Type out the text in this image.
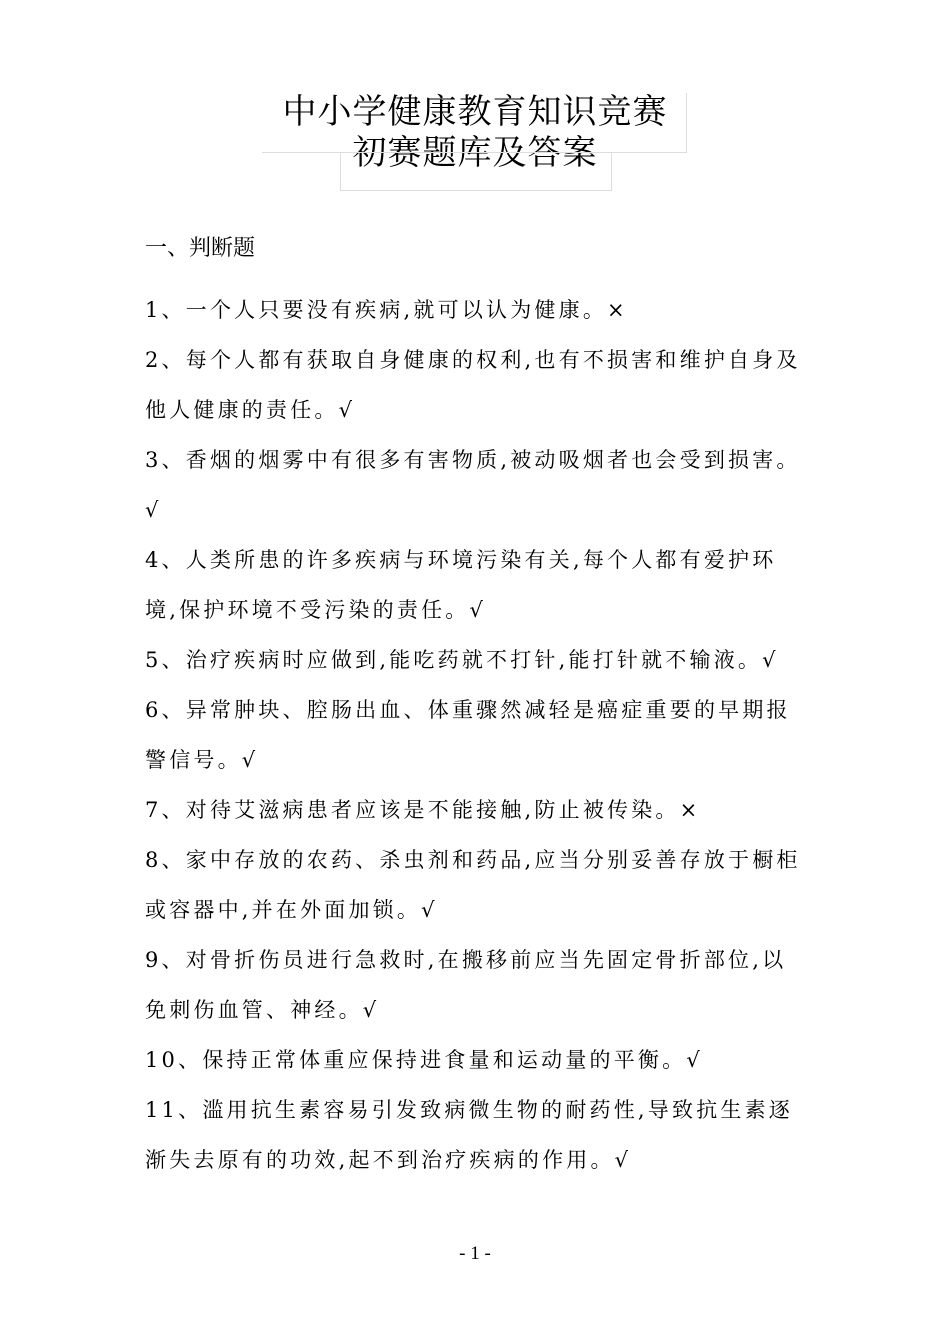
中小学健康教育知识竞赛
初赛题库及答案
一、判断题
1、一个人只要没有疾病,就可以认为健康。×
2、每个人都有获取自身健康的权利,也有不损害和维护自身及他人健康的责任。√
3、香烟的烟雾中有很多有害物质,被动吸烟者也会受到损害。√
4、人类所患的许多疾病与环境污染有关,每个人都有爱护环境,保护环境不受污染的责任。√
5、治疗疾病时应做到,能吃药就不打针,能打针就不输液。√
6、异常肿块、腔肠出血、体重骤然减轻是癌症重要的早期报警信号。√
7、对待艾滋病患者应该是不能接触,防止被传染。×
8、家中存放的农药、杀虫剂和药品,应当分别妥善存放于橱柜或容器中,并在外面加锁。√
9、对骨折伤员进行急救时,在搬移前应当先固定骨折部位,以免刺伤血管、神经。√
10、保持正常体重应保持进食量和运动量的平衡。√
11、滥用抗生素容易引发致病微生物的耐药性,导致抗生素逐渐失去原有的功效,起不到治疗疾病的作用。√
- 1 -
